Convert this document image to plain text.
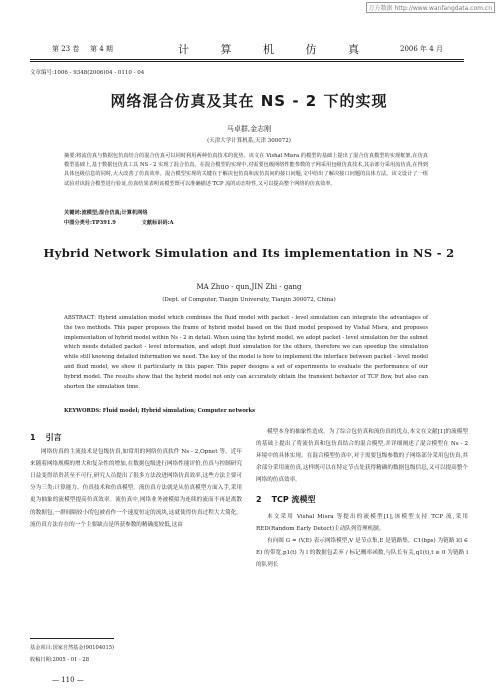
万方数据 http://www.wanfangdata.com.cn
第 23 卷 第 4 期	计 算 机 仿 真	2006 年 4 月
文章编号:1006 - 9348(2006)04 - 0110 - 04
网络混合仿真及其在 NS - 2 下的实现
马卓群,金志刚
(天津大学计算机系,天津 300072)
摘要:将流仿真与数据包仿真结合的混合仿真可以同时利用两种仿真技术的优势。该文在 Vishal Misra 的模型的基础上提出了混合仿真模型的实现框架,在仿真模型基础上,基于数据包仿真工具 NS - 2 实现了混合仿真。在混合模型的实现中,对需要包级网络性能参数的子网采用包级仿真技术,其余部分采用流仿真,在得到具体包级信息的同时,大大改善了仿真效率。混合模型实现的关键在于解决包仿真和流仿真间的接口问题,文中给出了解决接口问题的具体方法。该文设计了一组试验对该混合模型进行验证,仿真结果表明该模型既可以准确描述 TCP 流的动态特性,又可以提高整个网络的仿真效率。
关键词:流模型;混合仿真;计算机网络
中图分类号:TP391.9	文献标识码:A
Hybrid Network Simulation and Its implementation in NS - 2
MA Zhuo - qun,JIN Zhi - gang
(Dept. of Computer, Tianjin University, Tianjin 300072, China)
ABSTRACT: Hybrid simulation model which combines the fluid model with packet - level simulation can integrate the advantages of the two methods. This paper proposes the frame of hybrid model based on the fluid model proposed by Vishal Misra, and proposes implementation of hybrid model within Ns - 2 in detail. When using the hybrid model, we adopt packet - level simulation for the subnet which needs detailed packet - level information, and adopt fluid simulation for the others, therefore we can speedup the simulation while still knowing detailed information we need. The key of the model is how to implement the interface between packet - level model and fluid model, we show it particularly in this paper. This paper designs a set of experiments to evaluate the performance of our hybrid model. The results show that the hybrid model not only can accurately obtain the transient behavior of TCP flow, but also can shorten the simulation time.
KEYWORDS: Fluid model; Hybrid simulation; Computer networks
1 引言
网络仿真的主流技术是包级仿真,如常用的网络仿真软件 Ns - 2,Opnet 等。近年来随着网络规模的增大和复杂性的增加,在数据包级进行网络性能评价,仿真与控制研究日益变得昂贵甚至不可行,研究人员提出了很多方法改进网络仿真效率,这些方法主要可分为三类:计算能力、仿真技术和仿真模型。流仿真方法就是从仿真模型方面入手,采用更为抽象的流模型提高仿真效率。流仿真中,网络业务被模拟为连续的流而不再是离散的数据包,一群间隔较小的包被看作一个速度恒定的流块,这就使得仿真过程大大简化。流仿真方法存在的一个主要缺点是所获参数的精确度较低,这由
模型本身的抽象性造成。为了综合包仿真和流仿真的优点,本文在文献[1]的流模型的基础上提出了将流仿真和包仿真结合的混合模型,并详细阐述了混合模型在 Ns - 2 环境中的具体实现。在混合模型仿真中,对于需要包级参数的子网络部分采用包仿真,其余部分采用流仿真,这样既可以在特定节点处获得精确的数据包级信息,又可以提高整个网络的仿真效率。
2 TCP 流模型
本文采用 Vishal Misra 等提出的流模型[1],该模型支持 TCP 流,采用 RED(Random Early Detect)主动队列管理机制。
有向图 G = (V,E) 表示网络模型,V 是节点集,E 是链路集。C1(bps) 为链路 l(l ∈ E) 的带宽,p1(t) 为 l 的数据包丢弃 / 标记概率函数,与队长有关,q1(t),t ≥ 0 为链路 l 的队列长
基金项目:国家自然基金(90104015)
收稿日期:2005 - 01 - 28
— 110 —
